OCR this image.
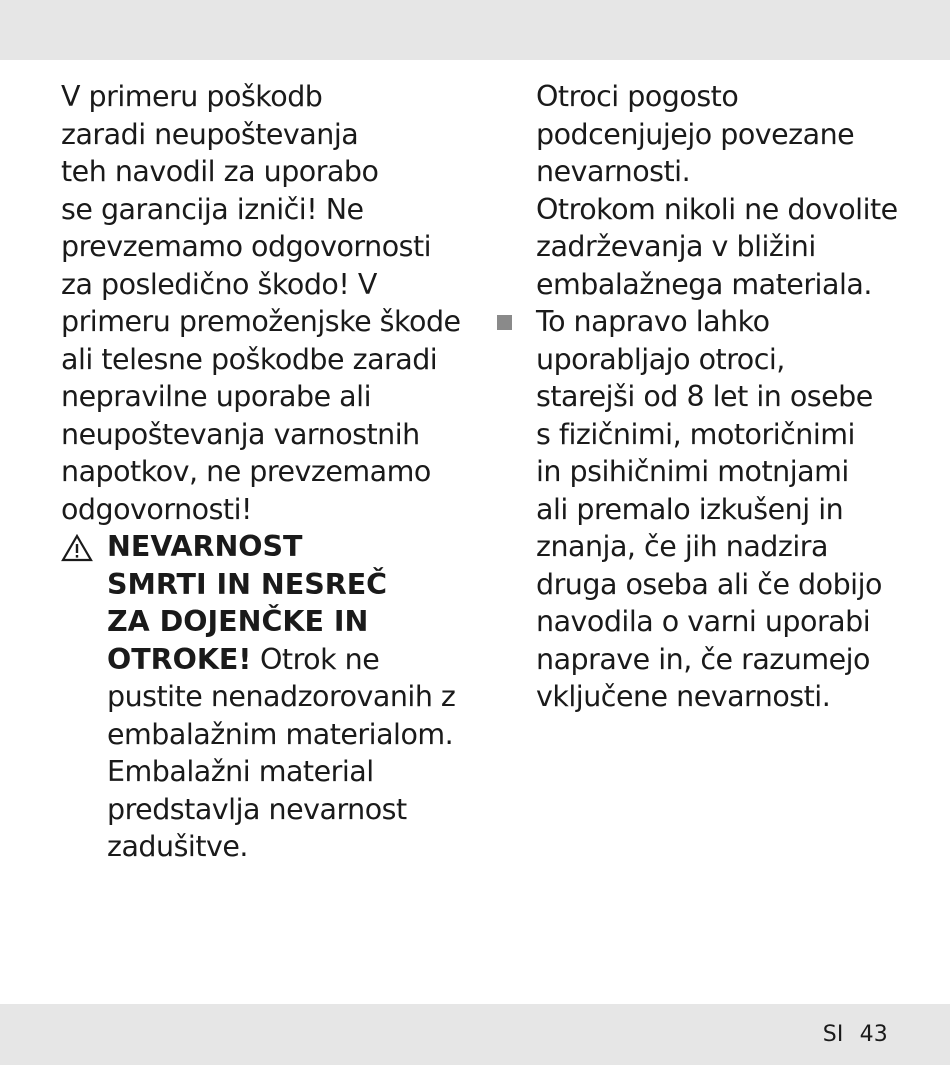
V primeru poškodb
zaradi neupoštevanja
teh navodil za uporabo
se garancija izniči! Ne
prevzemamo odgovornosti
za posledično škodo! V
primeru premoženjske škode
ali telesne poškodbe zaradi
nepravilne uporabe ali
neupoštevanja varnostnih
napotkov, ne prevzemamo
odgovornosti!
NEVARNOST
SMRTI IN NESREČ
ZA DOJENČKE IN
OTROKE! Otrok ne
pustite nenadzorovanih z
embalažnim materialom.
Embalažni material
predstavlja nevarnost
zadušitve.
Otroci pogosto
podcenjujejo povezane
nevarnosti.
Otrokom nikoli ne dovolite
zadrževanja v bližini
embalažnega materiala.
To napravo lahko
uporabljajo otroci,
starejši od 8 let in osebe
s fizičnimi, motoričnimi
in psihičnimi motnjami
ali premalo izkušenj in
znanja, če jih nadzira
druga oseba ali če dobijo
navodila o varni uporabi
naprave in, če razumejo
vključene nevarnosti.
SI 43
